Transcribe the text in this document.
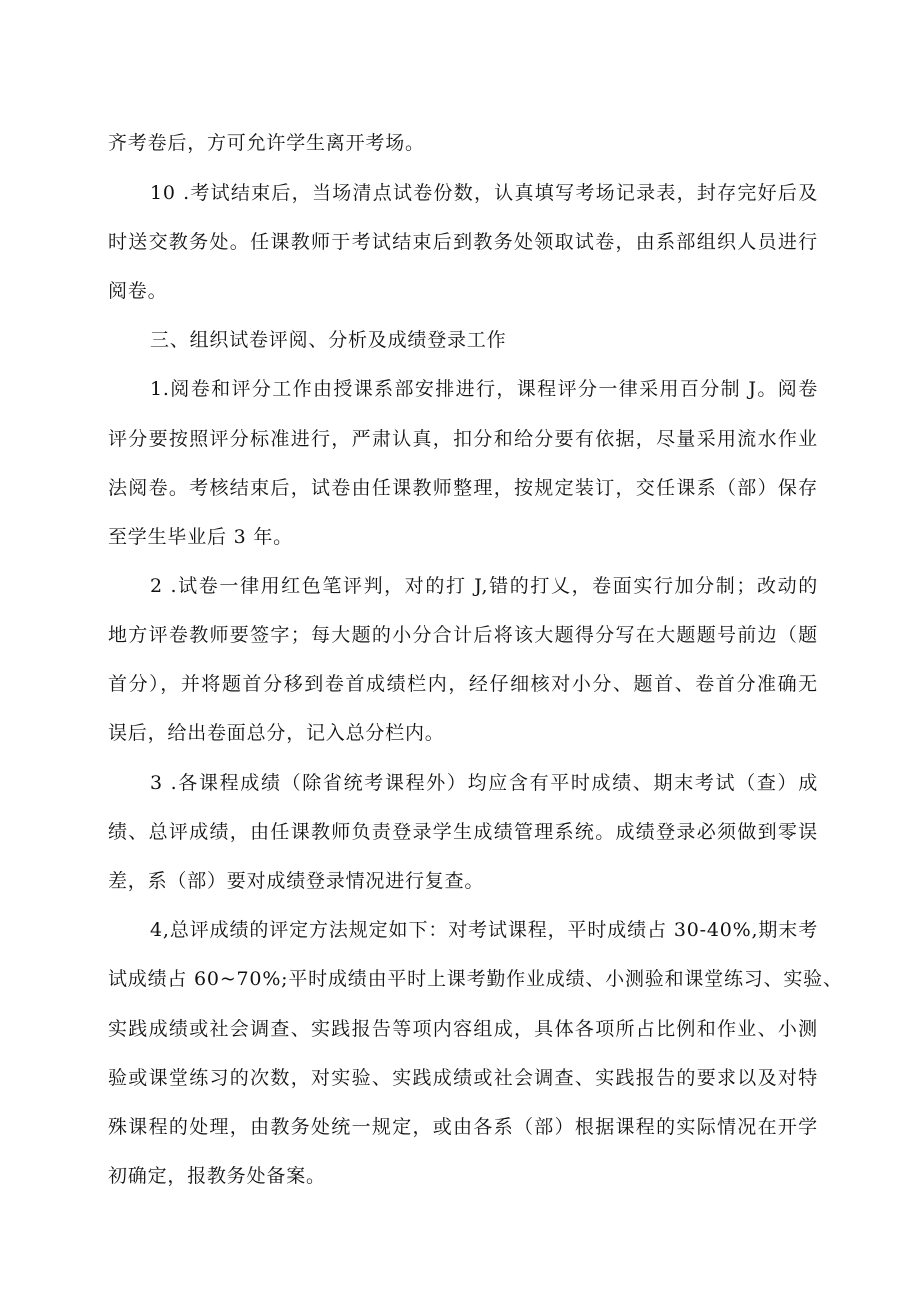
齐考卷后，方可允许学生离开考场。
10 .考试结束后，当场清点试卷份数，认真填写考场记录表，封存完好后及
时送交教务处。任课教师于考试结束后到教务处领取试卷，由系部组织人员进行
阅卷。
三、组织试卷评阅、分析及成绩登录工作
1.阅卷和评分工作由授课系部安排进行，课程评分一律采用百分制 J。阅卷
评分要按照评分标准进行，严肃认真，扣分和给分要有依据，尽量采用流水作业
法阅卷。考核结束后，试卷由任课教师整理，按规定装订，交任课系（部）保存
至学生毕业后 3 年。
2 .试卷一律用红色笔评判，对的打 J,错的打乂，卷面实行加分制；改动的
地方评卷教师要签字；每大题的小分合计后将该大题得分写在大题题号前边（题
首分），并将题首分移到卷首成绩栏内，经仔细核对小分、题首、卷首分准确无
误后，给出卷面总分，记入总分栏内。
3 .各课程成绩（除省统考课程外）均应含有平时成绩、期末考试（查）成
绩、总评成绩，由任课教师负责登录学生成绩管理系统。成绩登录必须做到零误
差，系（部）要对成绩登录情况进行复查。
4,总评成绩的评定方法规定如下：对考试课程，平时成绩占 30-40%,期末考
试成绩占 60~70%;平时成绩由平时上课考勤作业成绩、小测验和课堂练习、实验、
实践成绩或社会调查、实践报告等项内容组成，具体各项所占比例和作业、小测
验或课堂练习的次数，对实验、实践成绩或社会调查、实践报告的要求以及对特
殊课程的处理，由教务处统一规定，或由各系（部）根据课程的实际情况在开学
初确定，报教务处备案。
